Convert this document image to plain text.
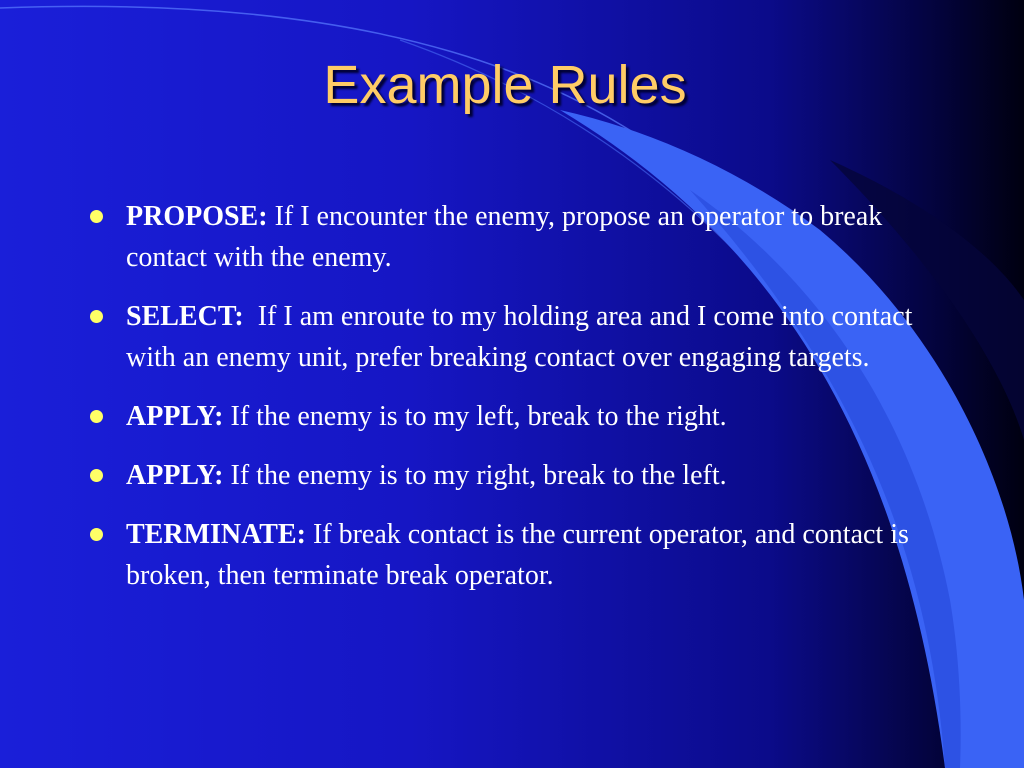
Example Rules
PROPOSE: If I encounter the enemy, propose an operator to break contact with the enemy.
SELECT:  If I am enroute to my holding area and I come into contact with an enemy unit, prefer breaking contact over engaging targets.
APPLY: If the enemy is to my left, break to the right.
APPLY: If the enemy is to my right, break to the left.
TERMINATE: If break contact is the current operator, and contact is broken, then terminate break operator.
